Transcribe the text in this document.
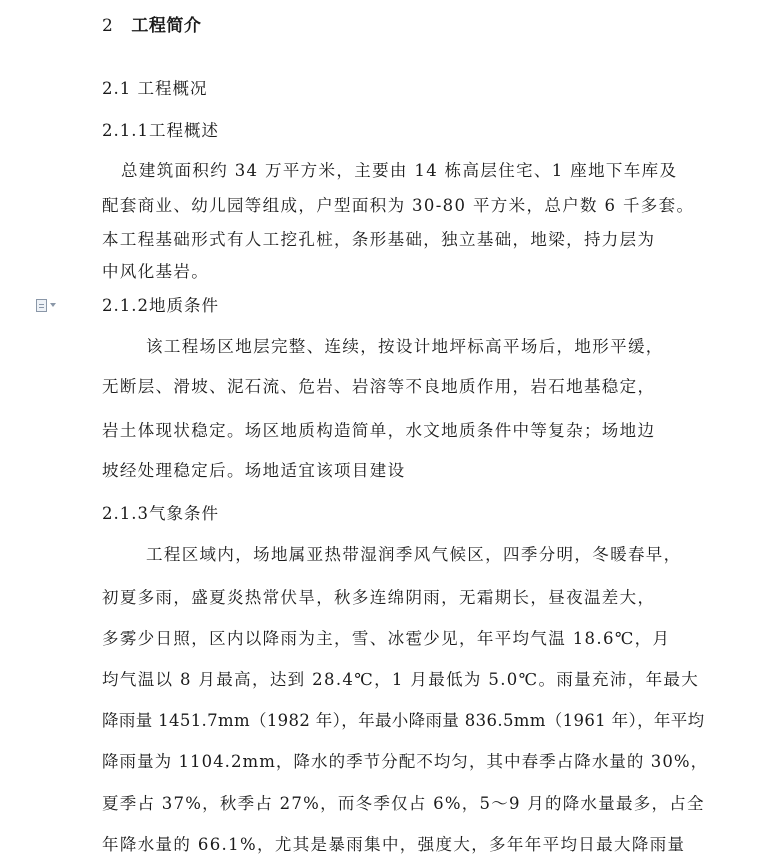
2 工程简介
2.1 工程概况
2.1.1工程概述
总建筑面积约 34 万平方米，主要由 14 栋高层住宅、1 座地下车库及
配套商业、幼儿园等组成，户型面积为 30-80 平方米，总户数 6 千多套。
本工程基础形式有人工挖孔桩，条形基础，独立基础，地梁，持力层为
中风化基岩。
2.1.2地质条件
该工程场区地层完整、连续，按设计地坪标高平场后，地形平缓，
无断层、滑坡、泥石流、危岩、岩溶等不良地质作用，岩石地基稳定，
岩土体现状稳定。场区地质构造简单，水文地质条件中等复杂；场地边
坡经处理稳定后。场地适宜该项目建设
2.1.3气象条件
工程区域内，场地属亚热带湿润季风气候区，四季分明，冬暖春早，
初夏多雨，盛夏炎热常伏旱，秋多连绵阴雨，无霜期长，昼夜温差大，
多雾少日照，区内以降雨为主，雪、冰雹少见，年平均气温 18.6℃，月
均气温以 8 月最高，达到 28.4℃，1 月最低为 5.0℃。雨量充沛，年最大
降雨量 1451.7mm（1982 年），年最小降雨量 836.5mm（1961 年），年平均
降雨量为 1104.2mm，降水的季节分配不均匀，其中春季占降水量的 30%，
夏季占 37%，秋季占 27%，而冬季仅占 6%，5～9 月的降水量最多，占全
年降水量的 66.1%，尤其是暴雨集中，强度大，多年年平均日最大降雨量
